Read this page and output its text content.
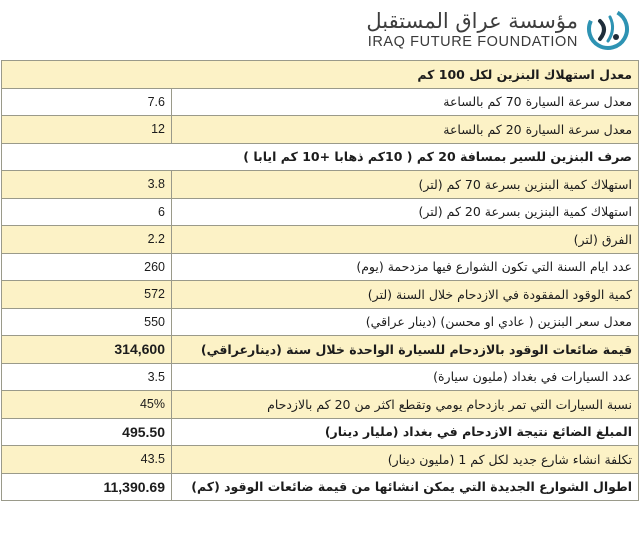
مؤسسة عراق المستقبل
IRAQ FUTURE FOUNDATION
معدل استهلاك البنزين لكل 100 كم	
7.6	معدل سرعة السيارة 70 كم بالساعة
12	معدل سرعة السيارة 20 كم بالساعة
صرف البنزين للسير بمسافة 20 كم ( 10كم ذهابا +10 كم ايابا )	
3.8	استهلاك كمية البنزين بسرعة 70 كم (لتر)
6	استهلاك كمية البنزين بسرعة 20 كم (لتر)
2.2	الفرق (لتر)
260	عدد ايام السنة التي تكون الشوارع فيها مزدحمة (يوم)
572	كمية الوقود المفقودة في الازدحام خلال السنة (لتر)
550	معدل سعر البنزين ( عادي او محسن) (دينار عراقي)
314,600	قيمة ضائعات الوقود بالازدحام للسيارة الواحدة خلال سنة (دينارعراقي)
3.5	عدد السيارات في بغداد (مليون سيارة)
45%	نسبة السيارات التي تمر بازدحام يومي وتقطع اكثر من 20 كم بالازدحام
495.50	المبلغ الضائع نتيجة الازدحام في بغداد (مليار دينار)
43.5	تكلفة انشاء شارع جديد لكل كم 1 (مليون دينار)
11,390.69	اطوال الشوارع الجديدة التي يمكن انشائها من قيمة ضائعات الوقود (كم)
